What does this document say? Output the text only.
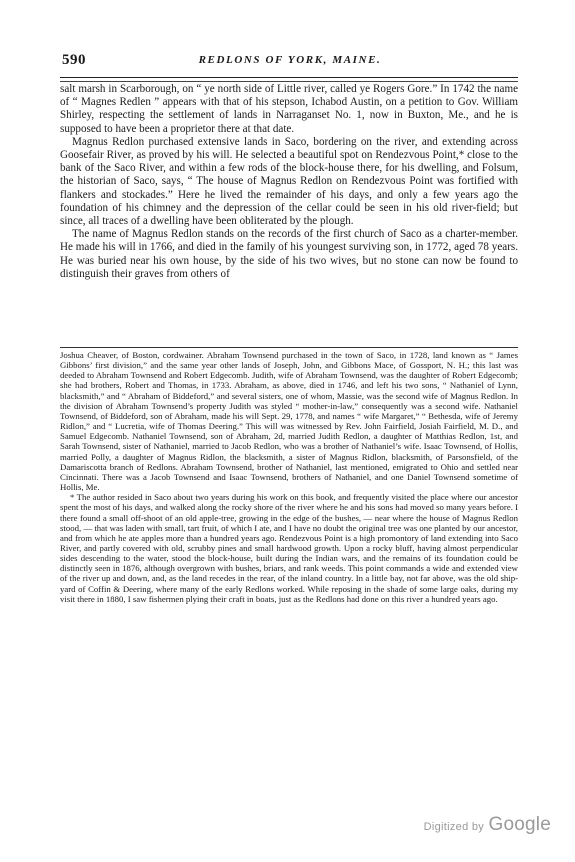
590	REDLONS OF YORK, MAINE.

salt marsh in Scarborough, on “ ye north side of Little river, called ye Rogers Gore.” In 1742 the name of “ Magnes Redlen ” appears with that of his stepson, Ichabod Austin, on a petition to Gov. William Shirley, respecting the settlement of lands in Narraganset No. 1, now in Buxton, Me., and he is supposed to have been a proprietor there at that date.

Magnus Redlon purchased extensive lands in Saco, bordering on the river, and extending across Goosefair River, as proved by his will. He selected a beautiful spot on Rendezvous Point,* close to the bank of the Saco River, and within a few rods of the block-house there, for his dwelling, and Folsum, the historian of Saco, says, “ The house of Magnus Redlon on Rendezvous Point was fortified with flankers and stockades.” Here he lived the remainder of his days, and only a few years ago the foundation of his chimney and the depression of the cellar could be seen in his old river-field; but since, all traces of a dwelling have been obliterated by the plough.

The name of Magnus Redlon stands on the records of the first church of Saco as a charter-member. He made his will in 1766, and died in the family of his youngest surviving son, in 1772, aged 78 years. He was buried near his own house, by the side of his two wives, but no stone can now be found to distinguish their graves from others of

Joshua Cheaver, of Boston, cordwainer. Abraham Townsend purchased in the town of Saco, in 1728, land known as “ James Gibbons’ first division,” and the same year other lands of Joseph, John, and Gibbons Mace, of Gossport, N. H.; this last was deeded to Abraham Townsend and Robert Edgecomb. Judith, wife of Abraham Townsend, was the daughter of Robert Edgecomb; she had brothers, Robert and Thomas, in 1733. Abraham, as above, died in 1746, and left his two sons, “ Nathaniel of Lynn, blacksmith,” and “ Abraham of Biddeford,” and several sisters, one of whom, Massie, was the second wife of Magnus Redlon. In the division of Abraham Townsend’s property Judith was styled “ mother-in-law,” consequently was a second wife. Nathaniel Townsend, of Biddeford, son of Abraham, made his will Sept. 29, 1778, and names “ wife Margaret,” “ Bethesda, wife of Jeremy Ridlon,” and “ Lucretia, wife of Thomas Deering.” This will was witnessed by Rev. John Fairfield, Josiah Fairfield, M. D., and Samuel Edgecomb. Nathaniel Townsend, son of Abraham, 2d, married Judith Redlon, a daughter of Matthias Redlon, 1st, and Sarah Townsend, sister of Nathaniel, married to Jacob Redlon, who was a brother of Nathaniel’s wife. Isaac Townsend, of Hollis, married Polly, a daughter of Magnus Ridlon, the blacksmith, a sister of Magnus Ridlon, blacksmith, of Parsonsfield, of the Damariscotta branch of Redlons. Abraham Townsend, brother of Nathaniel, last mentioned, emigrated to Ohio and settled near Cincinnati. There was a Jacob Townsend and Isaac Townsend, brothers of Nathaniel, and one Daniel Townsend sometime of Hollis, Me.

* The author resided in Saco about two years during his work on this book, and frequently visited the place where our ancestor spent the most of his days, and walked along the rocky shore of the river where he and his sons had moved so many years before. I there found a small off-shoot of an old apple-tree, growing in the edge of the bushes, — near where the house of Magnus Redlon stood, — that was laden with small, tart fruit, of which I ate, and I have no doubt the original tree was one planted by our ancestor, and from which he ate apples more than a hundred years ago. Rendezvous Point is a high promontory of land extending into Saco River, and partly covered with old, scrubby pines and small hardwood growth. Upon a rocky bluff, having almost perpendicular sides descending to the water, stood the block-house, built during the Indian wars, and the remains of its foundation could be distinctly seen in 1876, although overgrown with bushes, briars, and rank weeds. This point commands a wide and extended view of the river up and down, and, as the land recedes in the rear, of the inland country. In a little bay, not far above, was the old ship-yard of Coffin & Deering, where many of the early Redlons worked. While reposing in the shade of some large oaks, during my visit there in 1880, I saw fishermen plying their craft in boats, just as the Redlons had done on this river a hundred years ago.

Digitized by Google
